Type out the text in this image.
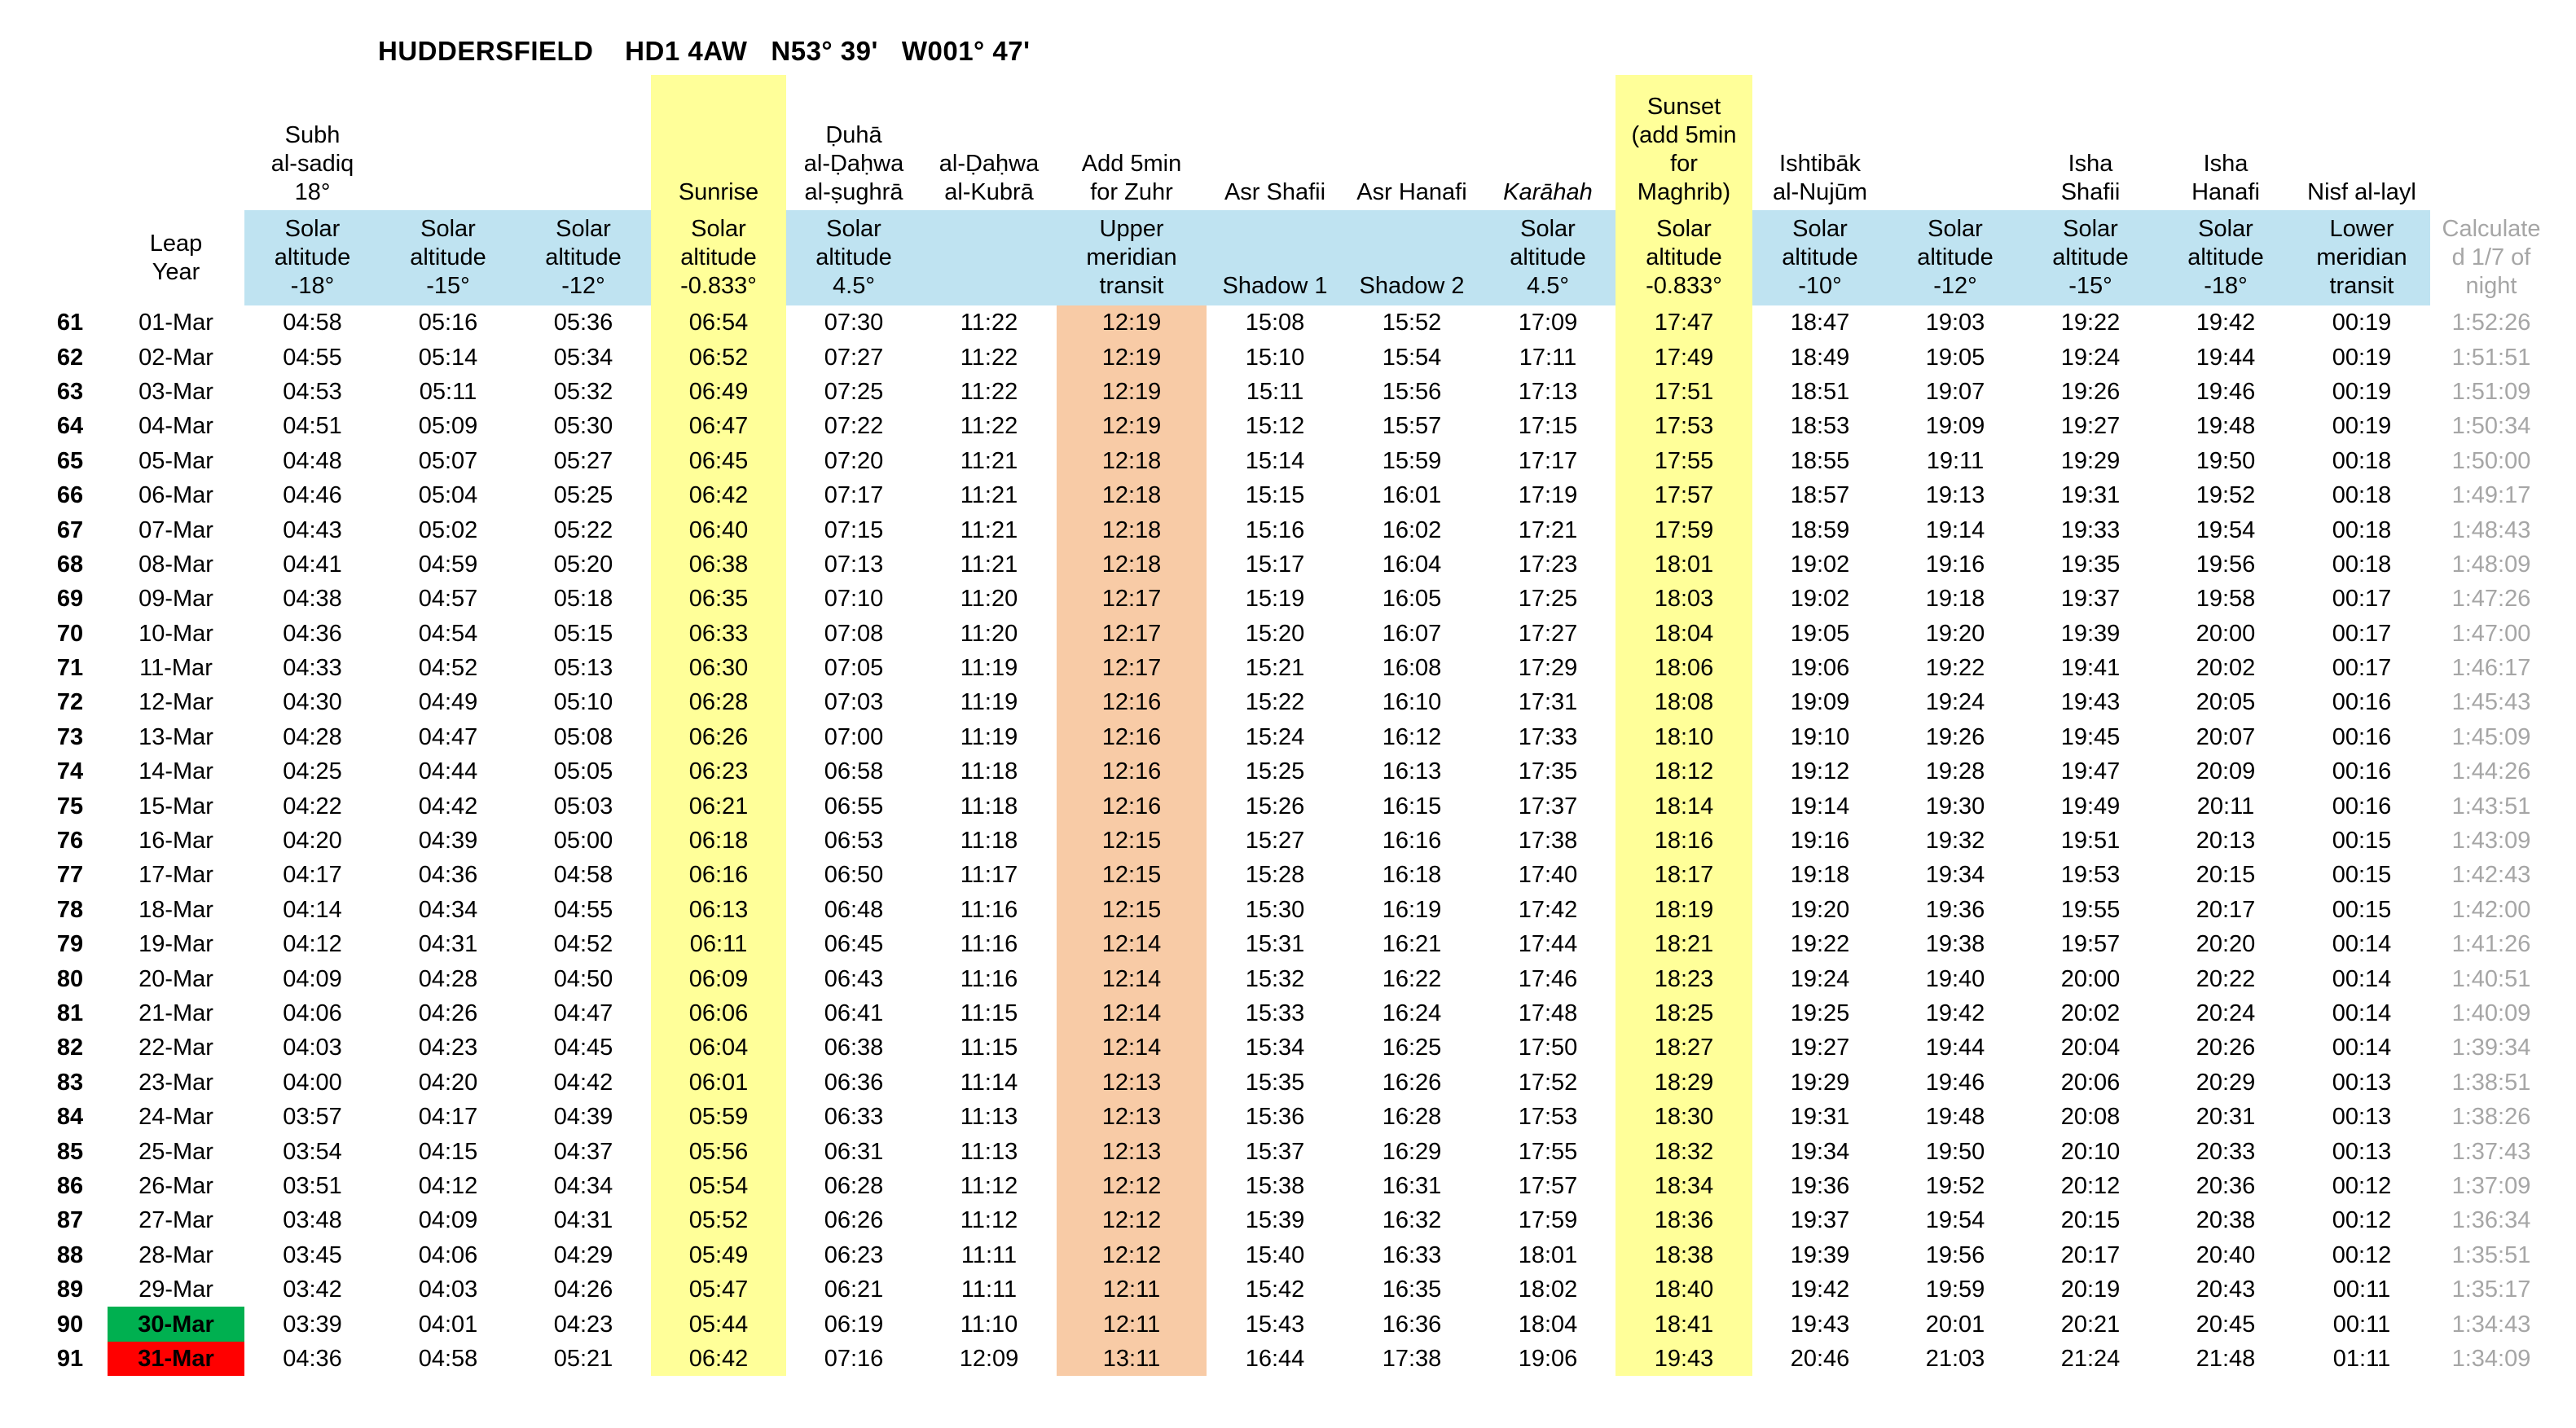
HUDDERSFIELD    HD1 4AW   N53° 39'   W001° 47'
		Subh
al-sadiq
18°			Sunrise	Ḍuhā
al-Ḍaḥwa
al-ṣughrā	al-Ḍaḥwa
al-Kubrā	Add 5min
for Zuhr	Asr Shafii	Asr Hanafi	Karāhah	Sunset
(add 5min
for
Maghrib)	Ishtibāk
al-Nujūm		Isha
Shafii	Isha
Hanafi	Nisf al-layl	
	Leap
Year	Solar
altitude
-18°	Solar
altitude
-15°	Solar
altitude
-12°	Solar
altitude
-0.833°	Solar
altitude
4.5°		Upper
meridian
transit	Shadow 1	Shadow 2	Solar
altitude
4.5°	Solar
altitude
-0.833°	Solar
altitude
-10°	Solar
altitude
-12°	Solar
altitude
-15°	Solar
altitude
-18°	Lower
meridian
transit	Calculate
d 1/7 of
night
61	01-Mar	04:58	05:16	05:36	06:54	07:30	11:22	12:19	15:08	15:52	17:09	17:47	18:47	19:03	19:22	19:42	00:19	1:52:26
62	02-Mar	04:55	05:14	05:34	06:52	07:27	11:22	12:19	15:10	15:54	17:11	17:49	18:49	19:05	19:24	19:44	00:19	1:51:51
63	03-Mar	04:53	05:11	05:32	06:49	07:25	11:22	12:19	15:11	15:56	17:13	17:51	18:51	19:07	19:26	19:46	00:19	1:51:09
64	04-Mar	04:51	05:09	05:30	06:47	07:22	11:22	12:19	15:12	15:57	17:15	17:53	18:53	19:09	19:27	19:48	00:19	1:50:34
65	05-Mar	04:48	05:07	05:27	06:45	07:20	11:21	12:18	15:14	15:59	17:17	17:55	18:55	19:11	19:29	19:50	00:18	1:50:00
66	06-Mar	04:46	05:04	05:25	06:42	07:17	11:21	12:18	15:15	16:01	17:19	17:57	18:57	19:13	19:31	19:52	00:18	1:49:17
67	07-Mar	04:43	05:02	05:22	06:40	07:15	11:21	12:18	15:16	16:02	17:21	17:59	18:59	19:14	19:33	19:54	00:18	1:48:43
68	08-Mar	04:41	04:59	05:20	06:38	07:13	11:21	12:18	15:17	16:04	17:23	18:01	19:02	19:16	19:35	19:56	00:18	1:48:09
69	09-Mar	04:38	04:57	05:18	06:35	07:10	11:20	12:17	15:19	16:05	17:25	18:03	19:02	19:18	19:37	19:58	00:17	1:47:26
70	10-Mar	04:36	04:54	05:15	06:33	07:08	11:20	12:17	15:20	16:07	17:27	18:04	19:05	19:20	19:39	20:00	00:17	1:47:00
71	11-Mar	04:33	04:52	05:13	06:30	07:05	11:19	12:17	15:21	16:08	17:29	18:06	19:06	19:22	19:41	20:02	00:17	1:46:17
72	12-Mar	04:30	04:49	05:10	06:28	07:03	11:19	12:16	15:22	16:10	17:31	18:08	19:09	19:24	19:43	20:05	00:16	1:45:43
73	13-Mar	04:28	04:47	05:08	06:26	07:00	11:19	12:16	15:24	16:12	17:33	18:10	19:10	19:26	19:45	20:07	00:16	1:45:09
74	14-Mar	04:25	04:44	05:05	06:23	06:58	11:18	12:16	15:25	16:13	17:35	18:12	19:12	19:28	19:47	20:09	00:16	1:44:26
75	15-Mar	04:22	04:42	05:03	06:21	06:55	11:18	12:16	15:26	16:15	17:37	18:14	19:14	19:30	19:49	20:11	00:16	1:43:51
76	16-Mar	04:20	04:39	05:00	06:18	06:53	11:18	12:15	15:27	16:16	17:38	18:16	19:16	19:32	19:51	20:13	00:15	1:43:09
77	17-Mar	04:17	04:36	04:58	06:16	06:50	11:17	12:15	15:28	16:18	17:40	18:17	19:18	19:34	19:53	20:15	00:15	1:42:43
78	18-Mar	04:14	04:34	04:55	06:13	06:48	11:16	12:15	15:30	16:19	17:42	18:19	19:20	19:36	19:55	20:17	00:15	1:42:00
79	19-Mar	04:12	04:31	04:52	06:11	06:45	11:16	12:14	15:31	16:21	17:44	18:21	19:22	19:38	19:57	20:20	00:14	1:41:26
80	20-Mar	04:09	04:28	04:50	06:09	06:43	11:16	12:14	15:32	16:22	17:46	18:23	19:24	19:40	20:00	20:22	00:14	1:40:51
81	21-Mar	04:06	04:26	04:47	06:06	06:41	11:15	12:14	15:33	16:24	17:48	18:25	19:25	19:42	20:02	20:24	00:14	1:40:09
82	22-Mar	04:03	04:23	04:45	06:04	06:38	11:15	12:14	15:34	16:25	17:50	18:27	19:27	19:44	20:04	20:26	00:14	1:39:34
83	23-Mar	04:00	04:20	04:42	06:01	06:36	11:14	12:13	15:35	16:26	17:52	18:29	19:29	19:46	20:06	20:29	00:13	1:38:51
84	24-Mar	03:57	04:17	04:39	05:59	06:33	11:13	12:13	15:36	16:28	17:53	18:30	19:31	19:48	20:08	20:31	00:13	1:38:26
85	25-Mar	03:54	04:15	04:37	05:56	06:31	11:13	12:13	15:37	16:29	17:55	18:32	19:34	19:50	20:10	20:33	00:13	1:37:43
86	26-Mar	03:51	04:12	04:34	05:54	06:28	11:12	12:12	15:38	16:31	17:57	18:34	19:36	19:52	20:12	20:36	00:12	1:37:09
87	27-Mar	03:48	04:09	04:31	05:52	06:26	11:12	12:12	15:39	16:32	17:59	18:36	19:37	19:54	20:15	20:38	00:12	1:36:34
88	28-Mar	03:45	04:06	04:29	05:49	06:23	11:11	12:12	15:40	16:33	18:01	18:38	19:39	19:56	20:17	20:40	00:12	1:35:51
89	29-Mar	03:42	04:03	04:26	05:47	06:21	11:11	12:11	15:42	16:35	18:02	18:40	19:42	19:59	20:19	20:43	00:11	1:35:17
90	30-Mar	03:39	04:01	04:23	05:44	06:19	11:10	12:11	15:43	16:36	18:04	18:41	19:43	20:01	20:21	20:45	00:11	1:34:43
91	31-Mar	04:36	04:58	05:21	06:42	07:16	12:09	13:11	16:44	17:38	19:06	19:43	20:46	21:03	21:24	21:48	01:11	1:34:09
